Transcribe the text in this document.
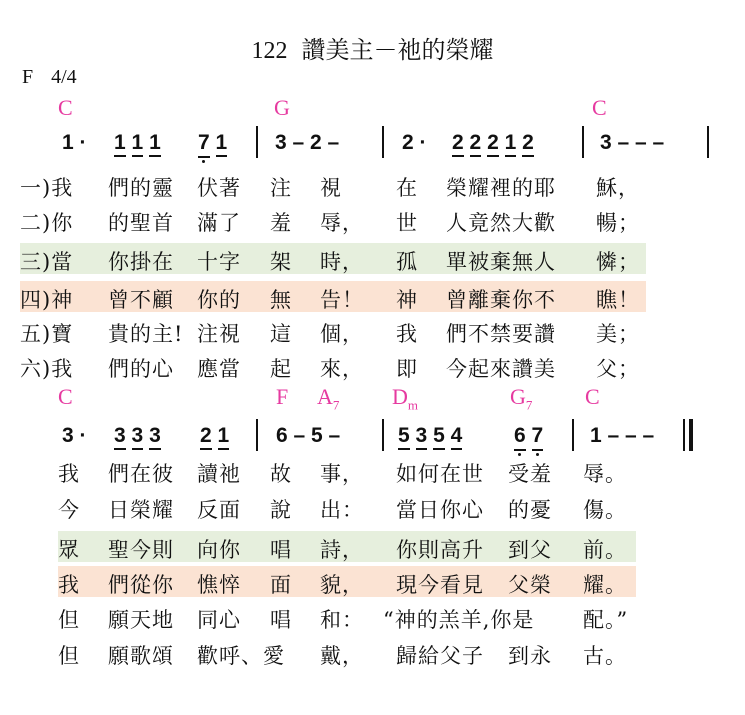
122 讚美主－祂的榮耀
F 4/4
C	G	C
1 · 1 1 1 7 1 3 – 2 –	2 · 2 2 2 1 2	3 – – –
一)我 們的靈 伏著 注 視	在 榮耀裡的耶 穌，
二)你 的聖首 滿了 羞 辱， 世 人竟然大歡 暢；
三)當 你掛在 十字 架 時， 孤 單被棄無人 憐；
四)神 曾不顧 你的 無 告！ 神 曾離棄你不 瞧！
五)寶 貴的主! 注視 這 個， 我 們不禁要讚 美；
六)我 們的心 應當 起 來， 即 今起來讚美 父；
C	F $A_7$ $D_m$	$G_7$ C
3 · 3 3 3 2 1 6 – 5 –	5 3 5 4 6 7 1 – – –
我 們在彼 讀祂 故 事， 如何在世 受羞 辱。
今 日榮耀 反面 說 出： 當日你心 的憂 傷。
眾 聖今則 向你 唱 詩， 你則高升 到父 前。
我 們從你 憔悴 面 貌， 現今看見 父榮 耀。
但 願天地 同心 唱 和： “神的羔羊,你是 配。”
但 願歌頌 歡呼、愛 戴， 歸給父子 到永 古。
